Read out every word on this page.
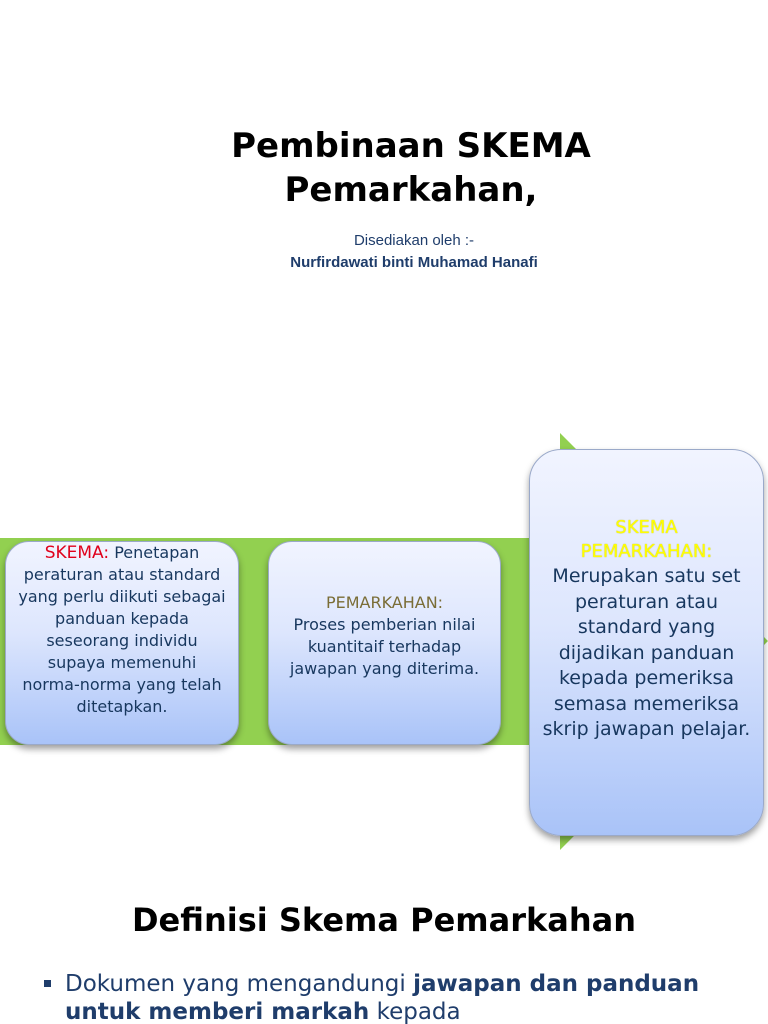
Pembinaan SKEMA
Pemarkahan,
Disediakan oleh :-
Nurfirdawati binti Muhamad Hanafi
SKEMA: Penetapan peraturan atau standard yang perlu diikuti sebagai panduan kepada seseorang individu supaya memenuhi norma-norma yang telah ditetapkan.
PEMARKAHAN:
Proses pemberian nilai kuantitaif terhadap jawapan yang diterima.
SKEMA
PEMARKAHAN:
Merupakan satu set peraturan atau standard yang dijadikan panduan kepada pemeriksa semasa memeriksa skrip jawapan pelajar.
Definisi Skema Pemarkahan
Dokumen yang mengandungi jawapan dan panduan untuk memberi markah kepada
